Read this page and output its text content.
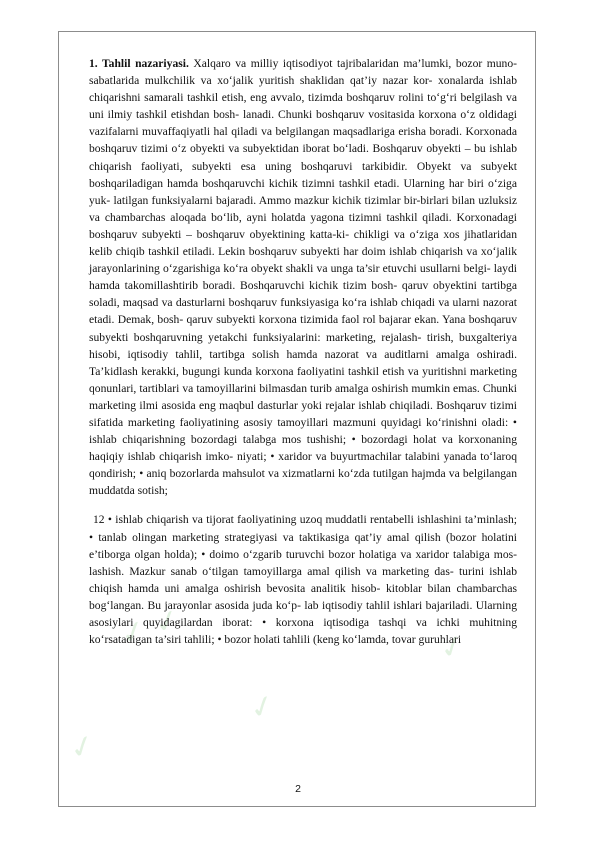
✓ ✓
✓
✓
✓

1. Tahlil nazariyasi. Xalqaro va milliy iqtisodiyot tajribalaridan ma’lumki, bozor muno- sabatlarida mulkchilik va xo‘jalik yuritish shaklidan qat’iy nazar kor- xonalarda ishlab chiqarishni samarali tashkil etish, eng avvalo, tizimda boshqaruv rolini to‘g‘ri belgilash va uni ilmiy tashkil etishdan bosh- lanadi. Chunki boshqaruv vositasida korxona o‘z oldidagi vazifalarni muvaffaqiyatli hal qiladi va belgilangan maqsadlariga erisha boradi. Korxonada boshqaruv tizimi o‘z obyekti va subyektidan iborat bo‘ladi. Boshqaruv obyekti – bu ishlab chiqarish faoliyati, subyekti esa uning boshqaruvi tarkibidir. Obyekt va subyekt boshqariladigan hamda boshqaruvchi kichik tizimni tashkil etadi. Ularning har biri o‘ziga yuk- latilgan funksiyalarni bajaradi. Ammo mazkur kichik tizimlar bir-birlari bilan uzluksiz va chambarchas aloqada bo‘lib, ayni holatda yagona tizimni tashkil qiladi. Korxonadagi boshqaruv subyekti – boshqaruv obyektining katta-ki- chikligi va o‘ziga xos jihatlaridan kelib chiqib tashkil etiladi. Lekin boshqaruv subyekti har doim ishlab chiqarish va xo‘jalik jarayonlarining o‘zgarishiga ko‘ra obyekt shakli va unga ta’sir etuvchi usullarni belgi- laydi hamda takomillashtirib boradi. Boshqaruvchi kichik tizim bosh- qaruv obyektini tartibga soladi, maqsad va dasturlarni boshqaruv funksiyasiga ko‘ra ishlab chiqadi va ularni nazorat etadi. Demak, bosh- qaruv subyekti korxona tizimida faol rol bajarar ekan. Yana boshqaruv subyekti boshqaruvning yetakchi funksiyalarini: marketing, rejalash- tirish, buxgalteriya hisobi, iqtisodiy tahlil, tartibga solish hamda nazorat va auditlarni amalga oshiradi. Ta’kidlash kerakki, bugungi kunda korxona faoliyatini tashkil etish va yuritishni marketing qonunlari, tartiblari va tamoyillarini bilmasdan turib amalga oshirish mumkin emas. Chunki marketing ilmi asosida eng maqbul dasturlar yoki rejalar ishlab chiqiladi. Boshqaruv tizimi sifatida marketing faoliyatining asosiy tamoyillari mazmuni quyidagi ko‘rinishni oladi: • ishlab chiqarishning bozordagi talabga mos tushishi; • bozordagi holat va korxonaning haqiqiy ishlab chiqarish imko- niyati; • xaridor va buyurtmachilar talabini yanada to‘laroq qondirish; • aniq bozorlarda mahsulot va xizmatlarni ko‘zda tutilgan hajmda va belgilangan muddatda sotish;

12 • ishlab chiqarish va tijorat faoliyatining uzoq muddatli rentabelli ishlashini ta’minlash; • tanlab olingan marketing strategiyasi va taktikasiga qat’iy amal qilish (bozor holatini e’tiborga olgan holda); • doimo o‘zgarib turuvchi bozor holatiga va xaridor talabiga mos- lashish. Mazkur sanab o‘tilgan tamoyillarga amal qilish va marketing das- turini ishlab chiqish hamda uni amalga oshirish bevosita analitik hisob- kitoblar bilan chambarchas bog‘langan. Bu jarayonlar asosida juda ko‘p- lab iqtisodiy tahlil ishlari bajariladi. Ularning asosiylari quyidagilardan iborat: • korxona iqtisodiga tashqi va ichki muhitning ko‘rsatadigan ta’siri tahlili; • bozor holati tahlili (keng ko‘lamda, tovar guruhlari

2
